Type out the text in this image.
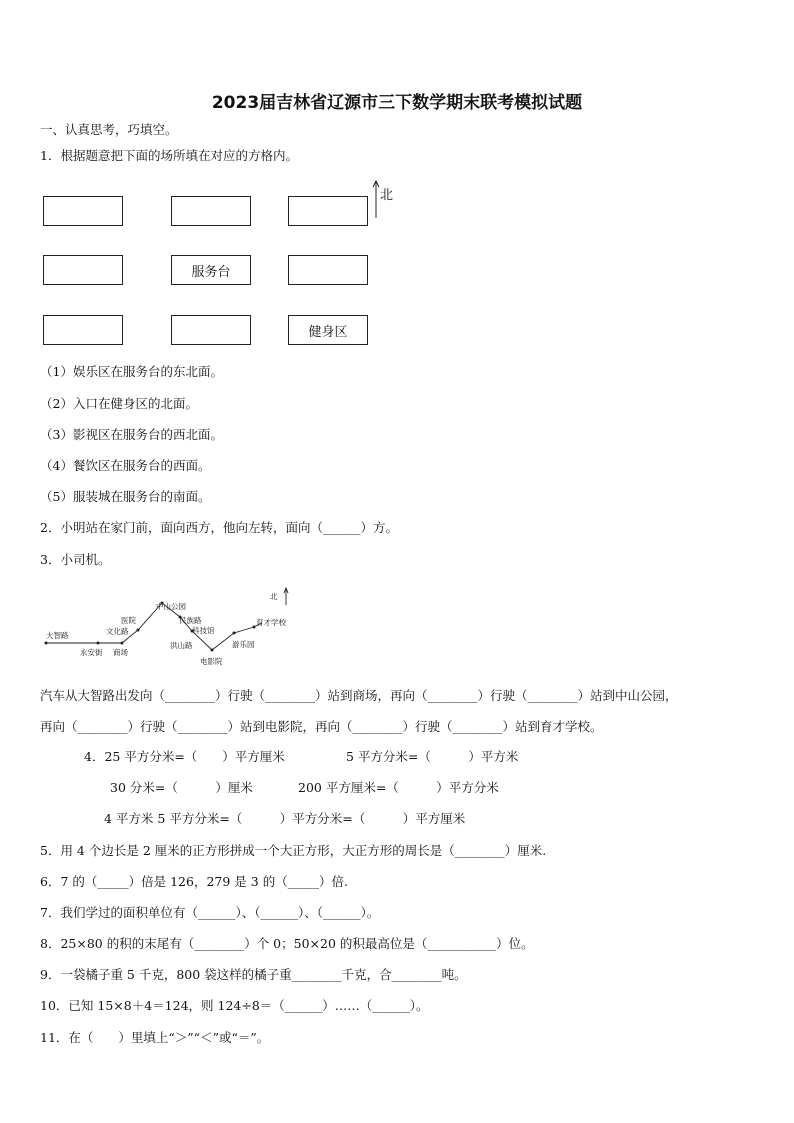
2023届吉林省辽源市三下数学期末联考模拟试题
一、认真思考，巧填空。
1．根据题意把下面的场所填在对应的方格内。
服务台
健身区
北
（1）娱乐区在服务台的东北面。
（2）入口在健身区的北面。
（3）影视区在服务台的西北面。
（4）餐饮区在服务台的西面。
（5）服装城在服务台的南面。
2．小明站在家门前，面向西方，他向左转，面向（______）方。
3．小司机。
大智路
永安街 商场
文化路
医院
中山公园
民族路
科技馆
洪山路
电影院
游乐园
育才学校
北
汽车从大智路出发向（________）行驶（________）站到商场，再向（________）行驶（________）站到中山公园，
再向（________）行驶（________）站到电影院，再向（________）行驶（________）站到育才学校。
4．25 平方分米=（　　）平方厘米	5 平方分米=（　　　）平方米
30 分米=（　　　）厘米	200 平方厘米=（　　　）平方分米
4 平方米 5 平方分米=（　　　）平方分米=（　　　）平方厘米
5．用 4 个边长是 2 厘米的正方形拼成一个大正方形，大正方形的周长是（________）厘米.
6．7 的（_____）倍是 126，279 是 3 的（_____）倍.
7．我们学过的面积单位有（______）、（______）、（______）。
8．25×80 的积的末尾有（________）个 0；50×20 的积最高位是（___________）位。
9．一袋橘子重 5 千克，800 袋这样的橘子重________千克，合________吨。
10．已知 15×8＋4＝124，则 124÷8＝（______）……（______）。
11．在（　　）里填上“＞”“＜”或“＝”。
